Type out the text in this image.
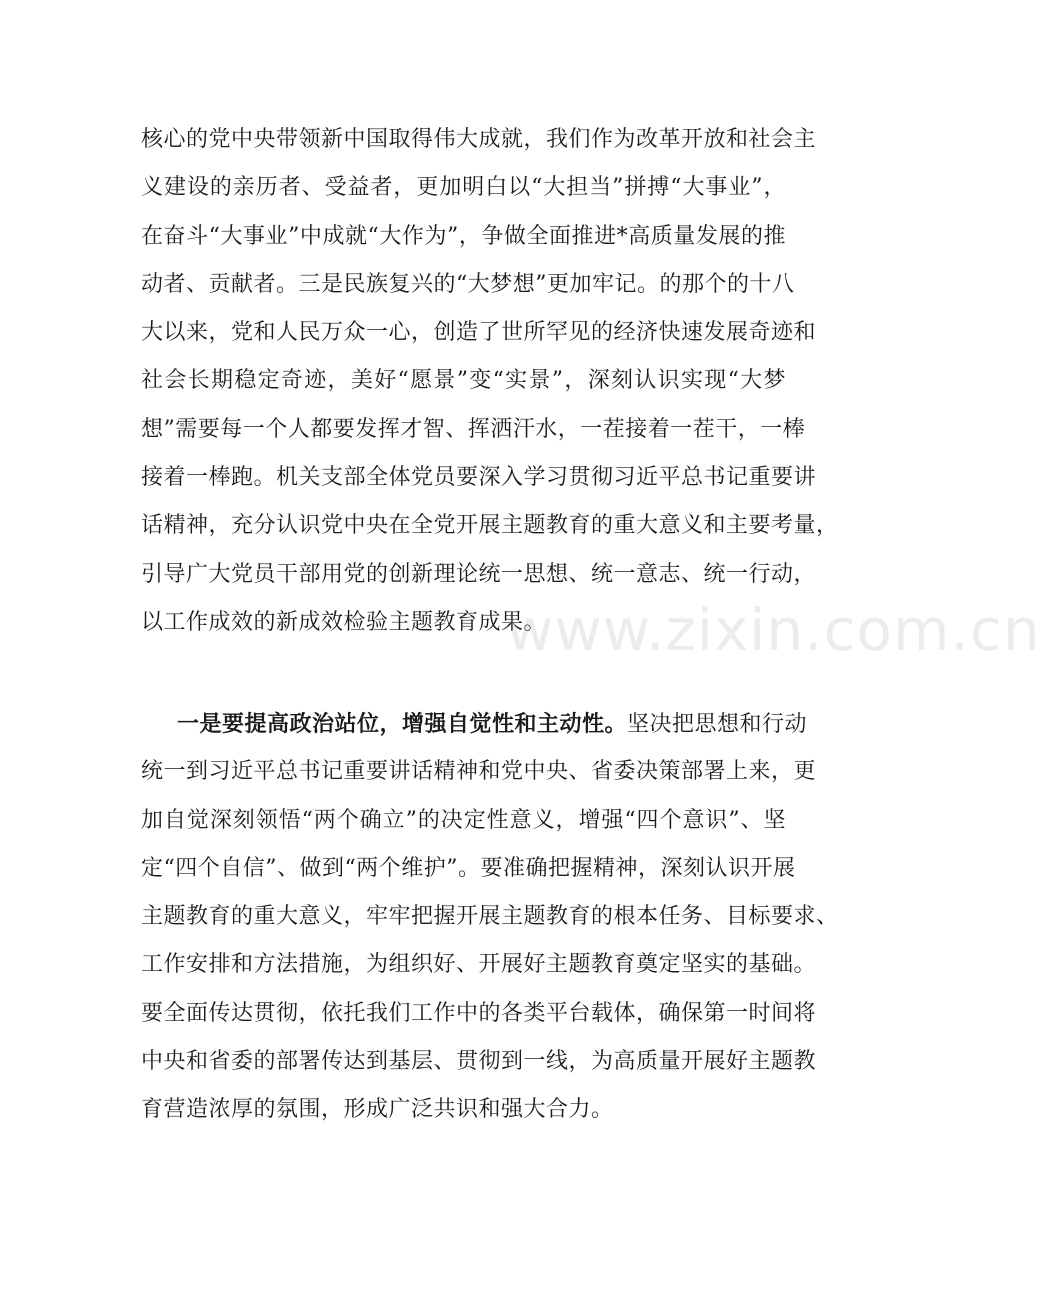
核心的党中央带领新中国取得伟大成就，我们作为改革开放和社会主
义建设的亲历者、受益者，更加明白以“大担当”拼搏“大事业”，
在奋斗“大事业”中成就“大作为”，争做全面推进*高质量发展的推
动者、贡献者。三是民族复兴的“大梦想”更加牢记。的那个的十八
大以来，党和人民万众一心，创造了世所罕见的经济快速发展奇迹和
社会长期稳定奇迹，美好“愿景”变“实景”，深刻认识实现“大梦
想”需要每一个人都要发挥才智、挥洒汗水，一茬接着一茬干，一棒
接着一棒跑。机关支部全体党员要深入学习贯彻习近平总书记重要讲
话精神，充分认识党中央在全党开展主题教育的重大意义和主要考量，
引导广大党员干部用党的创新理论统一思想、统一意志、统一行动，
以工作成效的新成效检验主题教育成果。
一是要提高政治站位，增强自觉性和主动性。坚决把思想和行动
统一到习近平总书记重要讲话精神和党中央、省委决策部署上来，更
加自觉深刻领悟“两个确立”的决定性意义，增强“四个意识”、坚
定“四个自信”、做到“两个维护”。要准确把握精神，深刻认识开展
主题教育的重大意义，牢牢把握开展主题教育的根本任务、目标要求、
工作安排和方法措施，为组织好、开展好主题教育奠定坚实的基础。
要全面传达贯彻，依托我们工作中的各类平台载体，确保第一时间将
中央和省委的部署传达到基层、贯彻到一线，为高质量开展好主题教
育营造浓厚的氛围，形成广泛共识和强大合力。
www.zixin.com.cn
